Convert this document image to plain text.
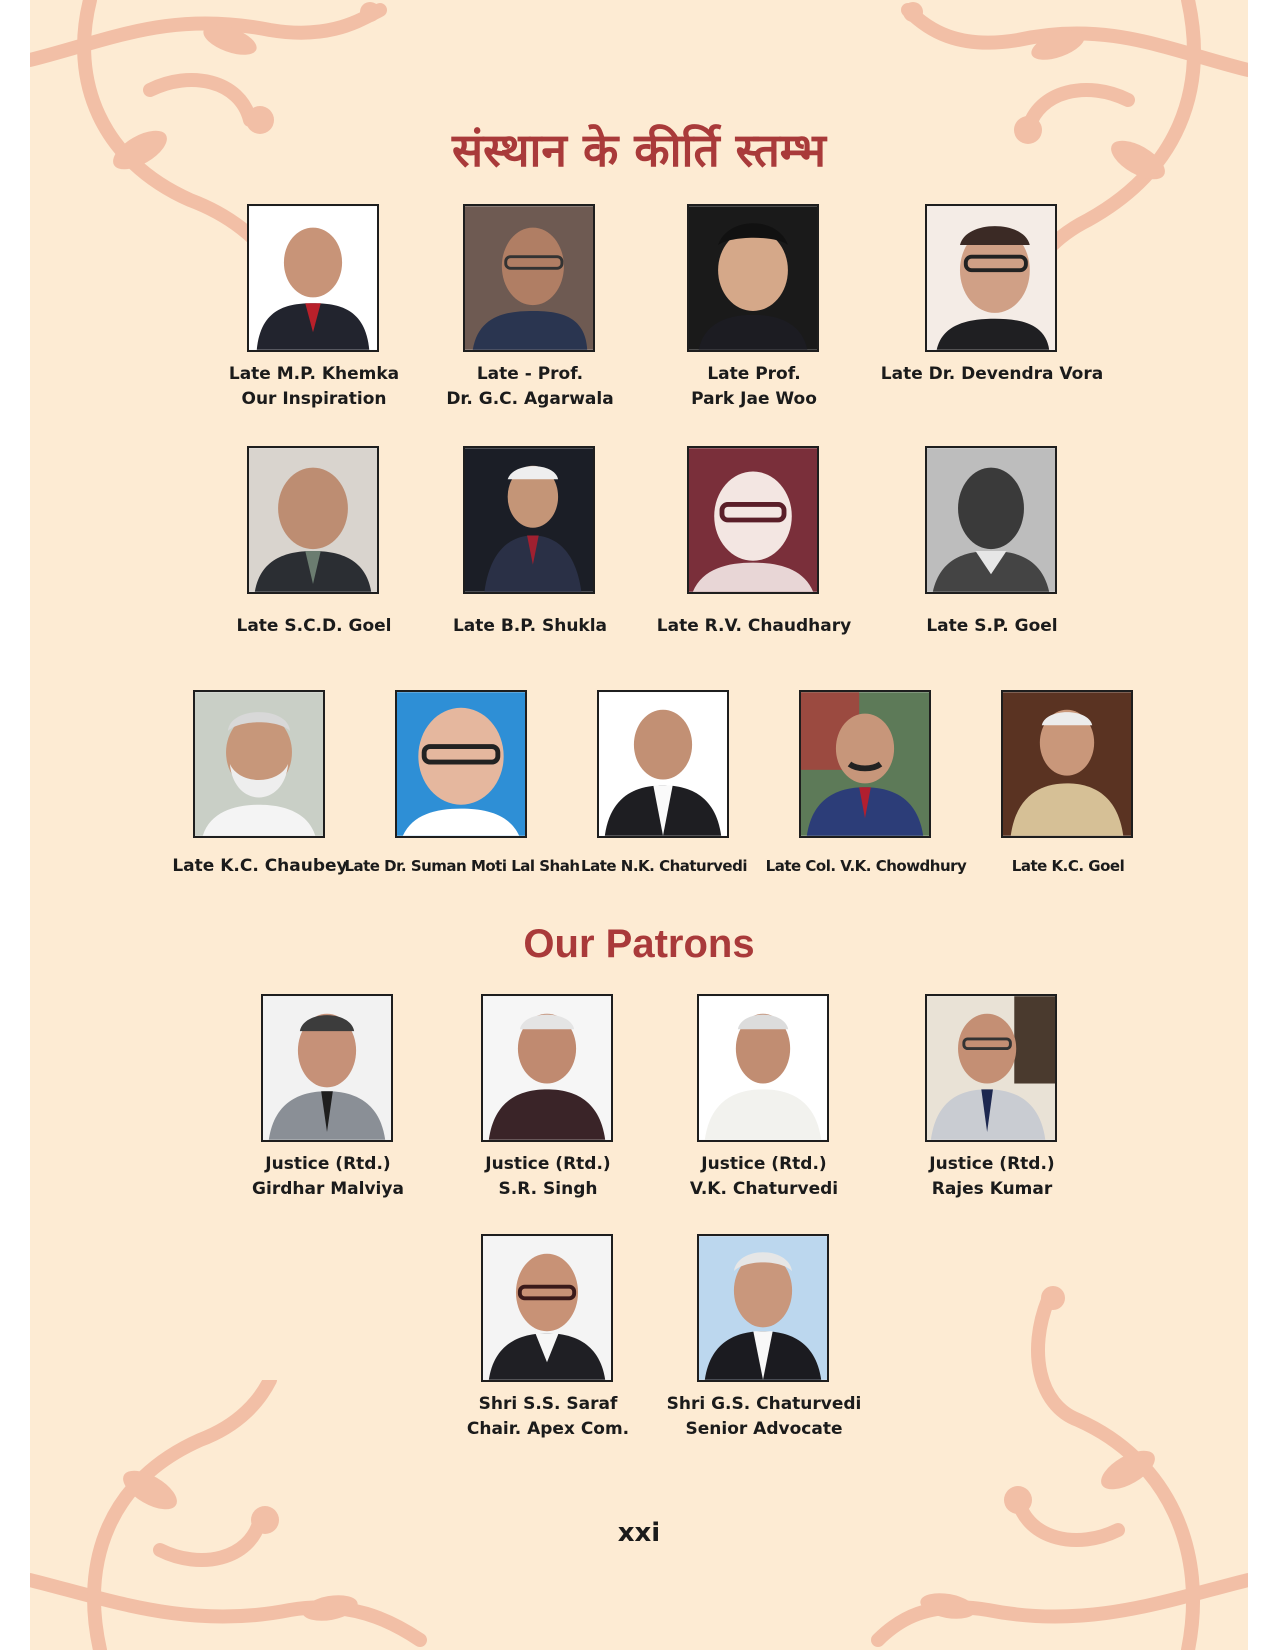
संस्थान के कीर्ति स्तम्भ
Late M.P. Khemka
Our Inspiration
Late - Prof.
Dr. G.C. Agarwala
Late Prof.
Park Jae Woo
Late Dr. Devendra Vora
Late S.C.D. Goel	Late B.P. Shukla	Late R.V. Chaudhary	Late S.P. Goel
Late K.C. Chaubey
Late Dr. Suman Moti Lal Shah Late N.K. Chaturvedi	Late Col. V.K. Chowdhury	Late K.C. Goel
Our Patrons
Justice (Rtd.)
Girdhar Malviya
Justice (Rtd.)
S.R. Singh
Justice (Rtd.)
V.K. Chaturvedi
Justice (Rtd.)
Rajes Kumar
Shri S.S. Saraf
Chair. Apex Com.
Shri G.S. Chaturvedi
Senior Advocate
xxi
